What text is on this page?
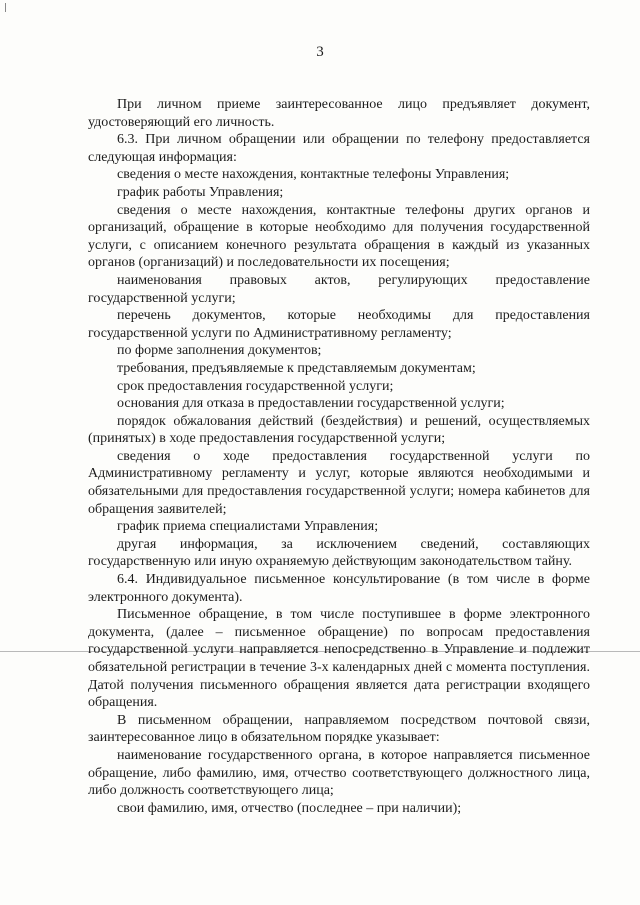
3

При личном приеме заинтересованное лицо предъявляет документ, удостоверяющий его личность.

6.3. При личном обращении или обращении по телефону предоставляется следующая информация:

сведения о месте нахождения, контактные телефоны Управления;

график работы Управления;

сведения о месте нахождения, контактные телефоны других органов и организаций, обращение в которые необходимо для получения государственной услуги, с описанием конечного результата обращения в каждый из указанных органов (организаций) и последовательности их посещения;

наименования правовых актов, регулирующих предоставление государственной услуги;

перечень документов, которые необходимы для предоставления государственной услуги по Административному регламенту;

по форме заполнения документов;

требования, предъявляемые к представляемым документам;

срок предоставления государственной услуги;

основания для отказа в предоставлении государственной услуги;

порядок обжалования действий (бездействия) и решений, осуществляемых (принятых) в ходе предоставления государственной услуги;

сведения о ходе предоставления государственной услуги по Административному регламенту и услуг, которые являются необходимыми и обязательными для предоставления государственной услуги; номера кабинетов для обращения заявителей;

график приема специалистами Управления;

другая информация, за исключением сведений, составляющих государственную или иную охраняемую действующим законодательством тайну.

6.4. Индивидуальное письменное консультирование (в том числе в форме электронного документа).

Письменное обращение, в том числе поступившее в форме электронного документа, (далее – письменное обращение) по вопросам предоставления государственной услуги направляется непосредственно в Управление и подлежит обязательной регистрации в течение 3-х календарных дней с момента поступления. Датой получения письменного обращения является дата регистрации входящего обращения.

В письменном обращении, направляемом посредством почтовой связи, заинтересованное лицо в обязательном порядке указывает:

наименование государственного органа, в которое направляется письменное обращение, либо фамилию, имя, отчество соответствующего должностного лица, либо должность соответствующего лица;

свои фамилию, имя, отчество (последнее – при наличии);
